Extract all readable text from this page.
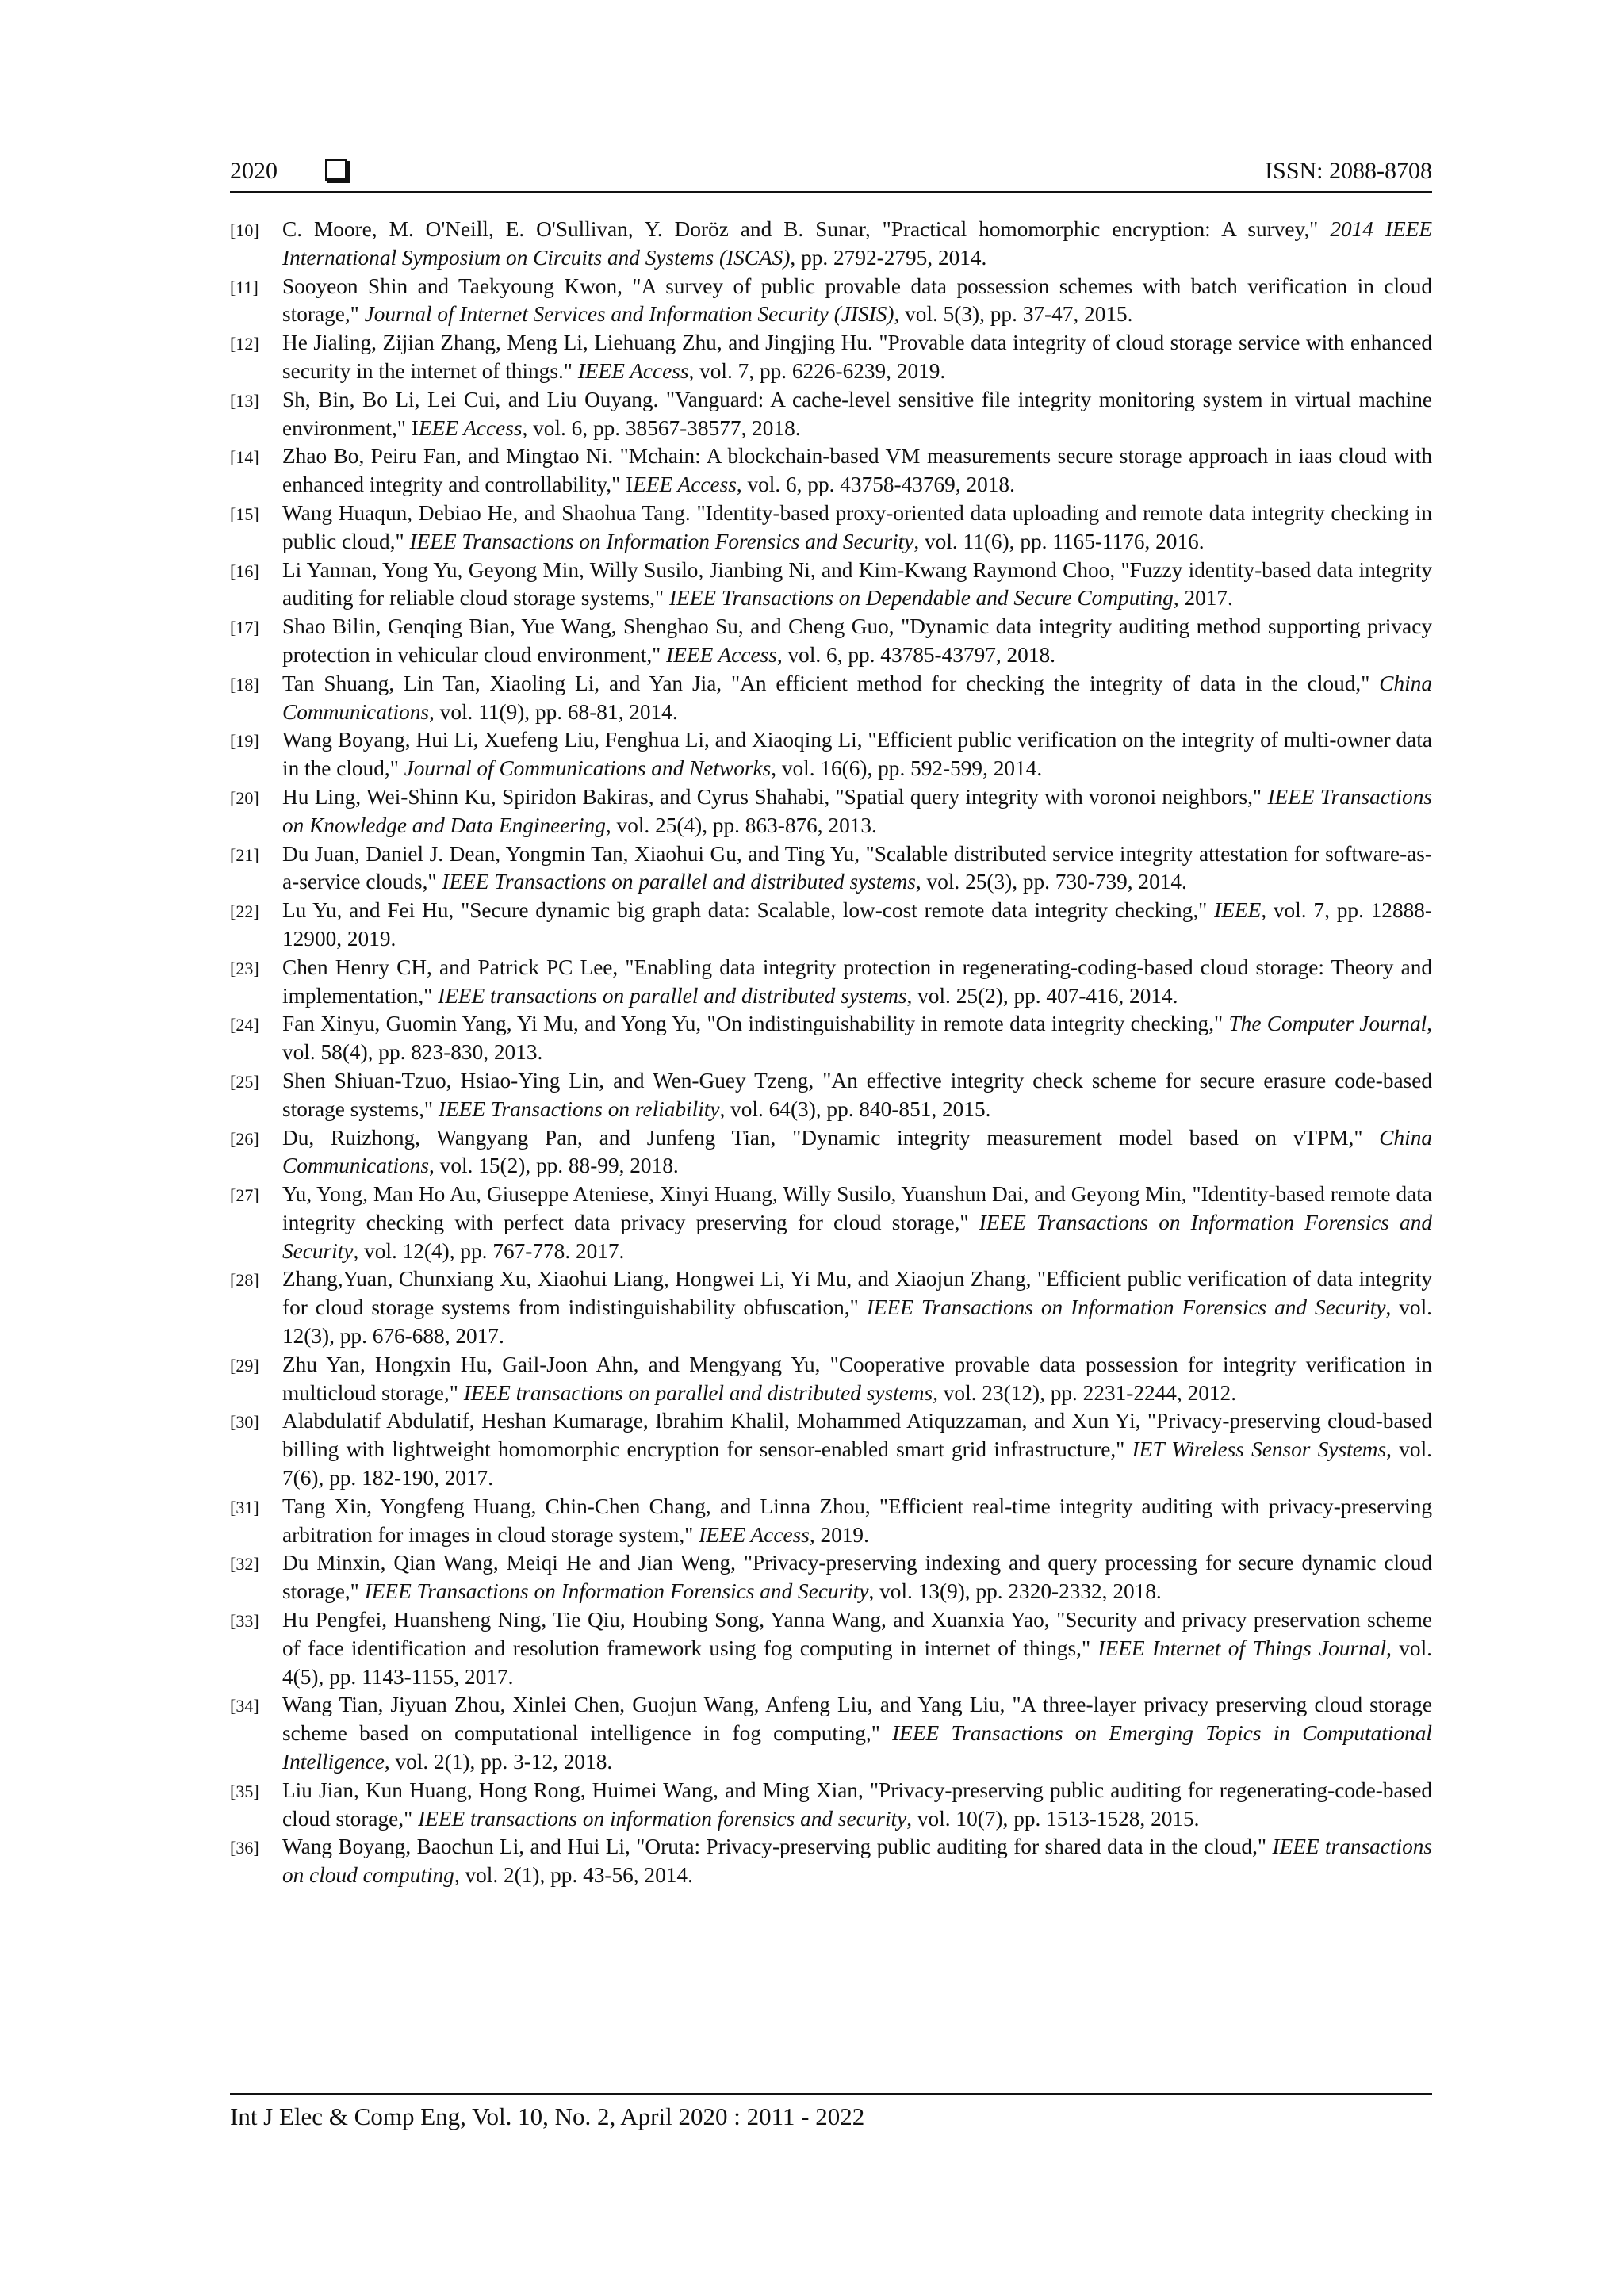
2020	ISSN: 2088-8708
[10] C. Moore, M. O'Neill, E. O'Sullivan, Y. Doröz and B. Sunar, "Practical homomorphic encryption: A survey," 2014 IEEE International Symposium on Circuits and Systems (ISCAS), pp. 2792-2795, 2014.
[11] Sooyeon Shin and Taekyoung Kwon, "A survey of public provable data possession schemes with batch verification in cloud storage," Journal of Internet Services and Information Security (JISIS), vol. 5(3), pp. 37-47, 2015.
[12] He Jialing, Zijian Zhang, Meng Li, Liehuang Zhu, and Jingjing Hu. "Provable data integrity of cloud storage service with enhanced security in the internet of things." IEEE Access, vol. 7, pp. 6226-6239, 2019.
[13] Sh, Bin, Bo Li, Lei Cui, and Liu Ouyang. "Vanguard: A cache-level sensitive file integrity monitoring system in virtual machine environment," IEEE Access, vol. 6, pp. 38567-38577, 2018.
[14] Zhao Bo, Peiru Fan, and Mingtao Ni. "Mchain: A blockchain-based VM measurements secure storage approach in iaas cloud with enhanced integrity and controllability," IEEE Access, vol. 6, pp. 43758-43769, 2018.
[15] Wang Huaqun, Debiao He, and Shaohua Tang. "Identity-based proxy-oriented data uploading and remote data integrity checking in public cloud," IEEE Transactions on Information Forensics and Security, vol. 11(6), pp. 1165-1176, 2016.
[16] Li Yannan, Yong Yu, Geyong Min, Willy Susilo, Jianbing Ni, and Kim-Kwang Raymond Choo, "Fuzzy identity-based data integrity auditing for reliable cloud storage systems," IEEE Transactions on Dependable and Secure Computing, 2017.
[17] Shao Bilin, Genqing Bian, Yue Wang, Shenghao Su, and Cheng Guo, "Dynamic data integrity auditing method supporting privacy protection in vehicular cloud environment," IEEE Access, vol. 6, pp. 43785-43797, 2018.
[18] Tan Shuang, Lin Tan, Xiaoling Li, and Yan Jia, "An efficient method for checking the integrity of data in the cloud," China Communications, vol. 11(9), pp. 68-81, 2014.
[19] Wang Boyang, Hui Li, Xuefeng Liu, Fenghua Li, and Xiaoqing Li, "Efficient public verification on the integrity of multi-owner data in the cloud," Journal of Communications and Networks, vol. 16(6), pp. 592-599, 2014.
[20] Hu Ling, Wei-Shinn Ku, Spiridon Bakiras, and Cyrus Shahabi, "Spatial query integrity with voronoi neighbors," IEEE Transactions on Knowledge and Data Engineering, vol. 25(4), pp. 863-876, 2013.
[21] Du Juan, Daniel J. Dean, Yongmin Tan, Xiaohui Gu, and Ting Yu, "Scalable distributed service integrity attestation for software-as-a-service clouds," IEEE Transactions on parallel and distributed systems, vol. 25(3), pp. 730-739, 2014.
[22] Lu Yu, and Fei Hu, "Secure dynamic big graph data: Scalable, low-cost remote data integrity checking," IEEE, vol. 7, pp. 12888-12900, 2019.
[23] Chen Henry CH, and Patrick PC Lee, "Enabling data integrity protection in regenerating-coding-based cloud storage: Theory and implementation," IEEE transactions on parallel and distributed systems, vol. 25(2), pp. 407-416, 2014.
[24] Fan Xinyu, Guomin Yang, Yi Mu, and Yong Yu, "On indistinguishability in remote data integrity checking," The Computer Journal, vol. 58(4), pp. 823-830, 2013.
[25] Shen Shiuan-Tzuo, Hsiao-Ying Lin, and Wen-Guey Tzeng, "An effective integrity check scheme for secure erasure code-based storage systems," IEEE Transactions on reliability, vol. 64(3), pp. 840-851, 2015.
[26] Du, Ruizhong, Wangyang Pan, and Junfeng Tian, "Dynamic integrity measurement model based on vTPM," China Communications, vol. 15(2), pp. 88-99, 2018.
[27] Yu, Yong, Man Ho Au, Giuseppe Ateniese, Xinyi Huang, Willy Susilo, Yuanshun Dai, and Geyong Min, "Identity-based remote data integrity checking with perfect data privacy preserving for cloud storage," IEEE Transactions on Information Forensics and Security, vol. 12(4), pp. 767-778. 2017.
[28] Zhang,Yuan, Chunxiang Xu, Xiaohui Liang, Hongwei Li, Yi Mu, and Xiaojun Zhang, "Efficient public verification of data integrity for cloud storage systems from indistinguishability obfuscation," IEEE Transactions on Information Forensics and Security, vol. 12(3), pp. 676-688, 2017.
[29] Zhu Yan, Hongxin Hu, Gail-Joon Ahn, and Mengyang Yu, "Cooperative provable data possession for integrity verification in multicloud storage," IEEE transactions on parallel and distributed systems, vol. 23(12), pp. 2231-2244, 2012.
[30] Alabdulatif Abdulatif, Heshan Kumarage, Ibrahim Khalil, Mohammed Atiquzzaman, and Xun Yi, "Privacy-preserving cloud-based billing with lightweight homomorphic encryption for sensor-enabled smart grid infrastructure," IET Wireless Sensor Systems, vol. 7(6), pp. 182-190, 2017.
[31] Tang Xin, Yongfeng Huang, Chin-Chen Chang, and Linna Zhou, "Efficient real-time integrity auditing with privacy-preserving arbitration for images in cloud storage system," IEEE Access, 2019.
[32] Du Minxin, Qian Wang, Meiqi He and Jian Weng, "Privacy-preserving indexing and query processing for secure dynamic cloud storage," IEEE Transactions on Information Forensics and Security, vol. 13(9), pp. 2320-2332, 2018.
[33] Hu Pengfei, Huansheng Ning, Tie Qiu, Houbing Song, Yanna Wang, and Xuanxia Yao, "Security and privacy preservation scheme of face identification and resolution framework using fog computing in internet of things," IEEE Internet of Things Journal, vol. 4(5), pp. 1143-1155, 2017.
[34] Wang Tian, Jiyuan Zhou, Xinlei Chen, Guojun Wang, Anfeng Liu, and Yang Liu, "A three-layer privacy preserving cloud storage scheme based on computational intelligence in fog computing," IEEE Transactions on Emerging Topics in Computational Intelligence, vol. 2(1), pp. 3-12, 2018.
[35] Liu Jian, Kun Huang, Hong Rong, Huimei Wang, and Ming Xian, "Privacy-preserving public auditing for regenerating-code-based cloud storage," IEEE transactions on information forensics and security, vol. 10(7), pp. 1513-1528, 2015.
[36] Wang Boyang, Baochun Li, and Hui Li, "Oruta: Privacy-preserving public auditing for shared data in the cloud," IEEE transactions on cloud computing, vol. 2(1), pp. 43-56, 2014.
Int J Elec & Comp Eng, Vol. 10, No. 2, April 2020 : 2011 - 2022
